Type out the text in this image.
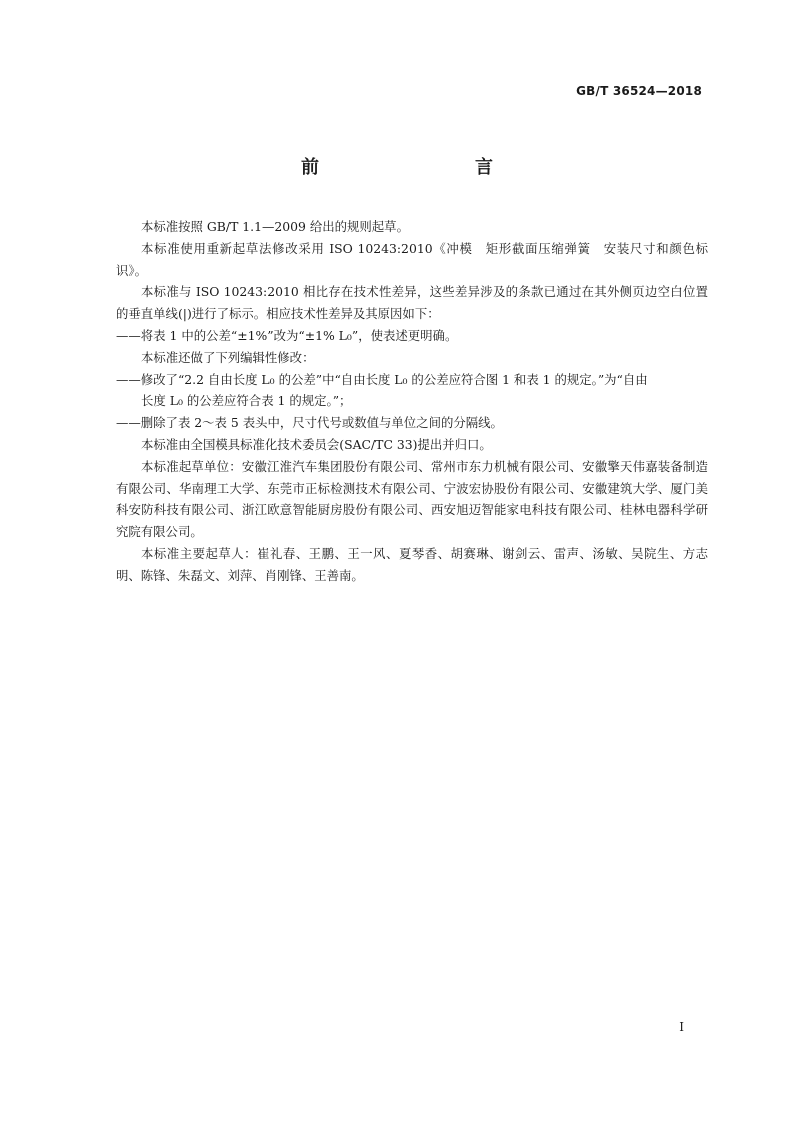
GB/T 36524—2018
前　　言

本标准按照 GB/T 1.1—2009 给出的规则起草。

本标准使用重新起草法修改采用 ISO 10243:2010《冲模　矩形截面压缩弹簧　安装尺寸和颜色标识》。

本标准与 ISO 10243:2010 相比存在技术性差异，这些差异涉及的条款已通过在其外侧页边空白位置的垂直单线(|)进行了标示。相应技术性差异及其原因如下：

——将表 1 中的公差“±1%”改为“±1% L₀”，使表述更明确。

本标准还做了下列编辑性修改：

——修改了“2.2 自由长度 L₀ 的公差”中“自由长度 L₀ 的公差应符合图 1 和表 1 的规定。”为“自由

长度 L₀ 的公差应符合表 1 的规定。”；

——删除了表 2～表 5 表头中，尺寸代号或数值与单位之间的分隔线。

本标准由全国模具标准化技术委员会(SAC/TC 33)提出并归口。

本标准起草单位：安徽江淮汽车集团股份有限公司、常州市东力机械有限公司、安徽擎天伟嘉装备制造有限公司、华南理工大学、东莞市正标检测技术有限公司、宁波宏协股份有限公司、安徽建筑大学、厦门美科安防科技有限公司、浙江欧意智能厨房股份有限公司、西安旭迈智能家电科技有限公司、桂林电器科学研究院有限公司。

本标准主要起草人：崔礼春、王鹏、王一风、夏琴香、胡赛琳、谢剑云、雷声、汤敏、吴院生、方志明、陈锋、朱磊文、刘萍、肖刚锋、王善南。

I
